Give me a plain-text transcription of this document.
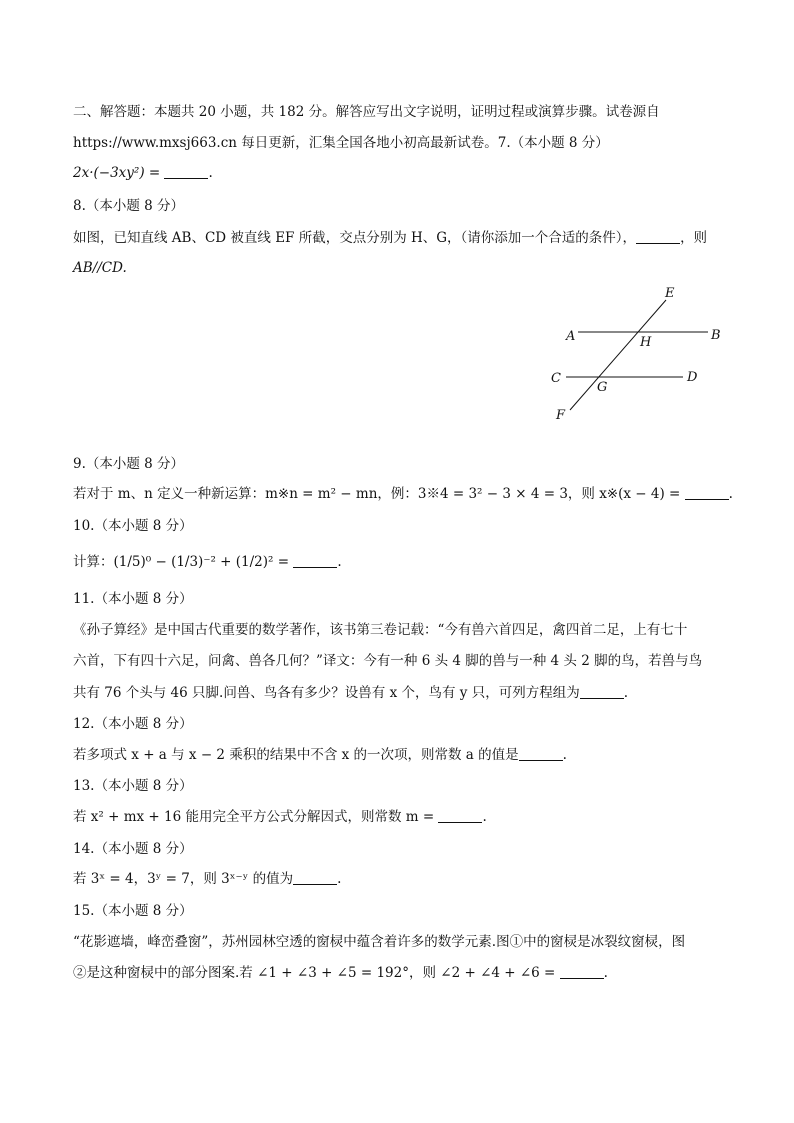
二、解答题：本题共 20 小题，共 182 分。解答应写出文字说明，证明过程或演算步骤。试卷源自
https://www.mxsj663.cn 每日更新，汇集全国各地小初高最新试卷。7.（本小题 8 分）
2x·(−3xy²) =	.
8.（本小题 8 分）
如图，已知直线 AB、CD 被直线 EF 所截，交点分别为 H、G，（请你添加一个合适的条件），	，则
AB//CD.
E
A	B
H
C	D
G
F
9.（本小题 8 分）
若对于 m、n 定义一种新运算：m※n = m² − mn，例：3※4 = 3² − 3 × 4 = 3，则 x※(x − 4) =	.
10.（本小题 8 分）
计算：(1/5)⁰ − (1/3)⁻² + (1/2)² =	.
11.（本小题 8 分）
《孙子算经》是中国古代重要的数学著作，该书第三卷记载：“今有兽六首四足，禽四首二足，上有七十
六首，下有四十六足，问禽、兽各几何？”译文：今有一种 6 头 4 脚的兽与一种 4 头 2 脚的鸟，若兽与鸟
共有 76 个头与 46 只脚.问兽、鸟各有多少？设兽有 x 个，鸟有 y 只，可列方程组为	.
12.（本小题 8 分）
若多项式 x + a 与 x − 2 乘积的结果中不含 x 的一次项，则常数 a 的值是	.
13.（本小题 8 分）
若 x² + mx + 16 能用完全平方公式分解因式，则常数 m =	.
14.（本小题 8 分）
若 3ˣ = 4，3ʸ = 7，则 3ˣ⁻ʸ 的值为	.
15.（本小题 8 分）
“花影遮墙，峰峦叠窗”，苏州园林空透的窗棂中蕴含着许多的数学元素.图①中的窗棂是冰裂纹窗棂，图
②是这种窗棂中的部分图案.若 ∠1 + ∠3 + ∠5 = 192°，则 ∠2 + ∠4 + ∠6 =	.
